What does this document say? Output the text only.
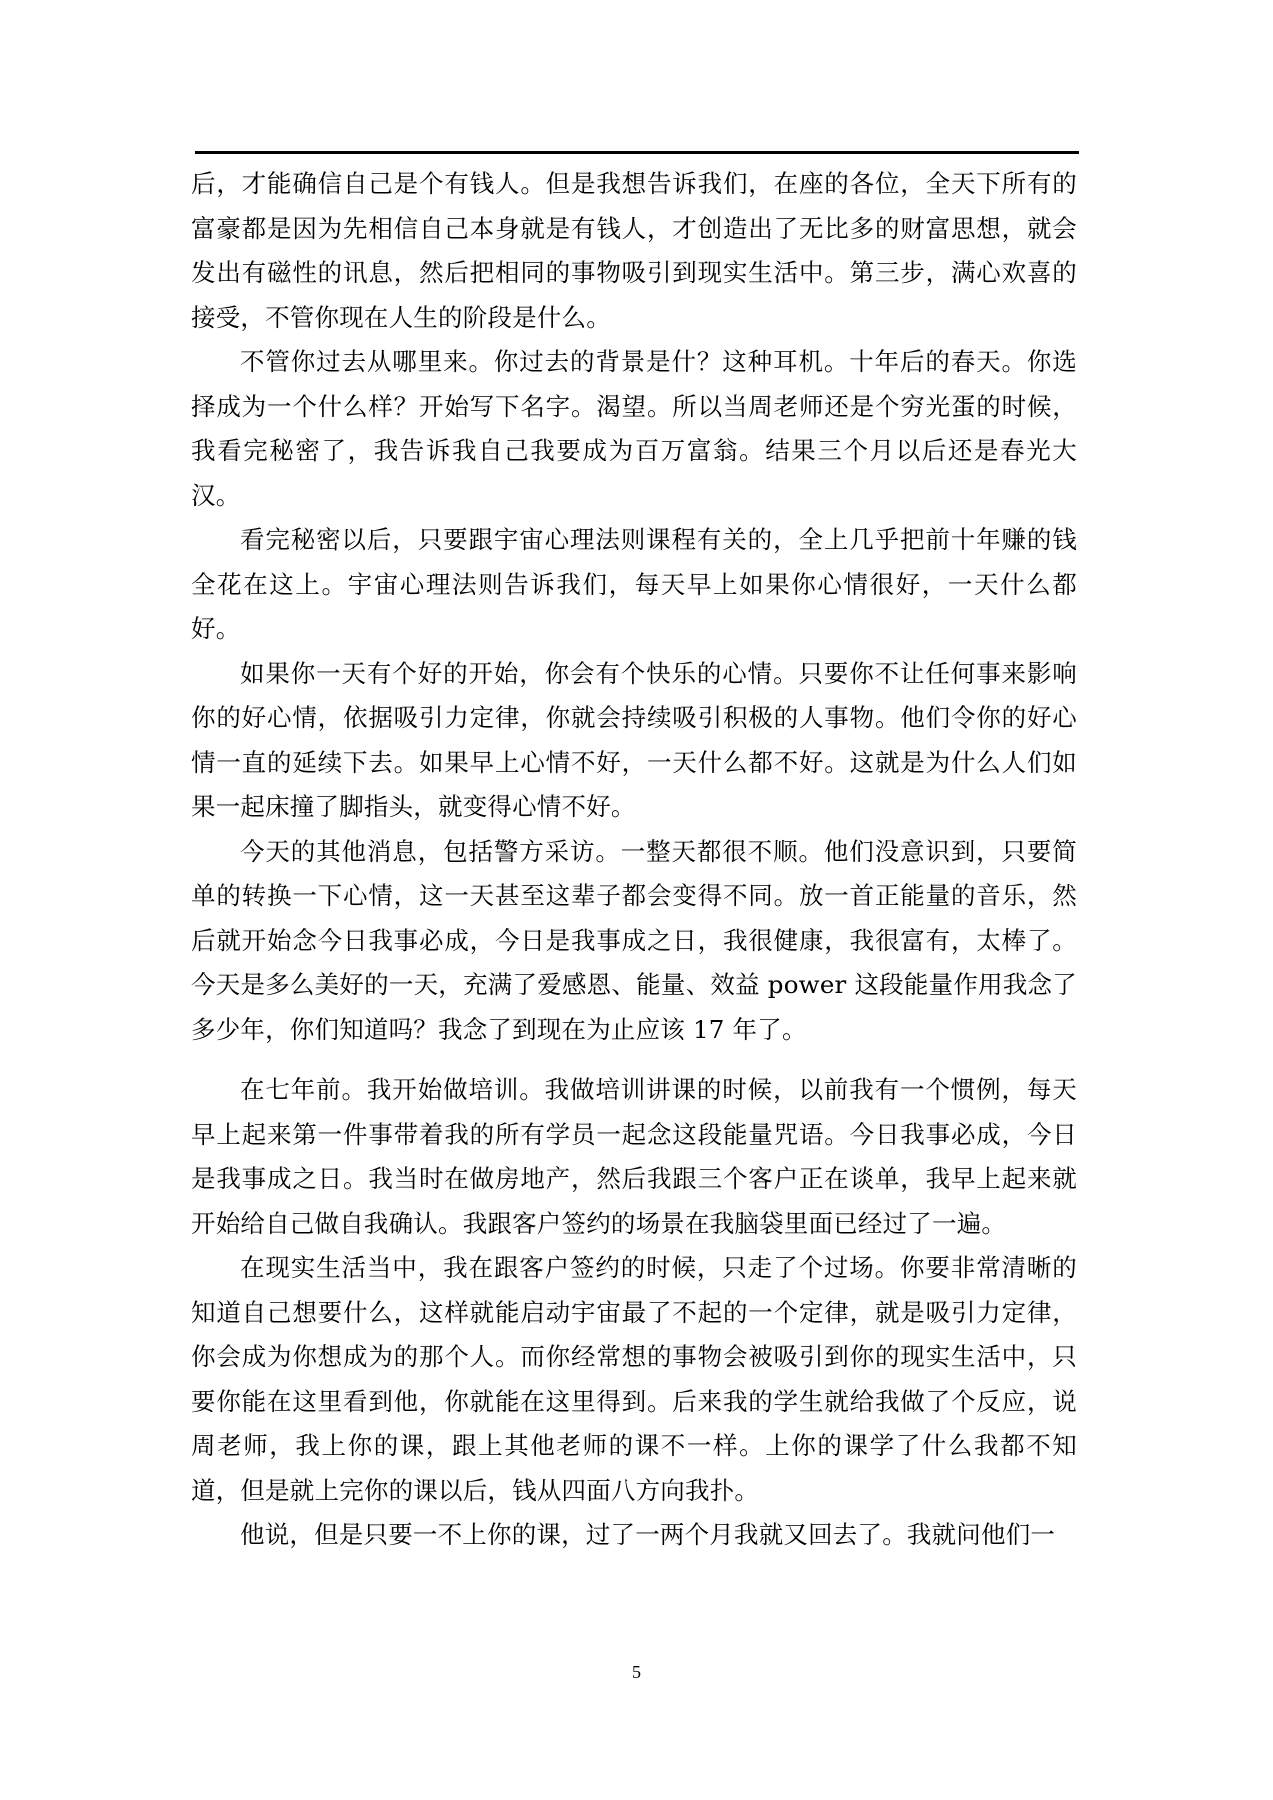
后，才能确信自己是个有钱人。但是我想告诉我们，在座的各位，全天下所有的富豪都是因为先相信自己本身就是有钱人，才创造出了无比多的财富思想，就会发出有磁性的讯息，然后把相同的事物吸引到现实生活中。第三步，满心欢喜的接受，不管你现在人生的阶段是什么。

不管你过去从哪里来。你过去的背景是什？这种耳机。十年后的春天。你选择成为一个什么样？开始写下名字。渴望。所以当周老师还是个穷光蛋的时候，我看完秘密了，我告诉我自己我要成为百万富翁。结果三个月以后还是春光大汉。

看完秘密以后，只要跟宇宙心理法则课程有关的，全上几乎把前十年赚的钱全花在这上。宇宙心理法则告诉我们，每天早上如果你心情很好，一天什么都好。

如果你一天有个好的开始，你会有个快乐的心情。只要你不让任何事来影响你的好心情，依据吸引力定律，你就会持续吸引积极的人事物。他们令你的好心情一直的延续下去。如果早上心情不好，一天什么都不好。这就是为什么人们如果一起床撞了脚指头，就变得心情不好。

今天的其他消息，包括警方采访。一整天都很不顺。他们没意识到，只要简单的转换一下心情，这一天甚至这辈子都会变得不同。放一首正能量的音乐，然后就开始念今日我事必成，今日是我事成之日，我很健康，我很富有，太棒了。今天是多么美好的一天，充满了爱感恩、能量、效益 power 这段能量作用我念了多少年，你们知道吗？我念了到现在为止应该 17 年了。

在七年前。我开始做培训。我做培训讲课的时候，以前我有一个惯例，每天早上起来第一件事带着我的所有学员一起念这段能量咒语。今日我事必成，今日是我事成之日。我当时在做房地产，然后我跟三个客户正在谈单，我早上起来就开始给自己做自我确认。我跟客户签约的场景在我脑袋里面已经过了一遍。

在现实生活当中，我在跟客户签约的时候，只走了个过场。你要非常清晰的知道自己想要什么，这样就能启动宇宙最了不起的一个定律，就是吸引力定律，你会成为你想成为的那个人。而你经常想的事物会被吸引到你的现实生活中，只要你能在这里看到他，你就能在这里得到。后来我的学生就给我做了个反应，说周老师，我上你的课，跟上其他老师的课不一样。上你的课学了什么我都不知道，但是就上完你的课以后，钱从四面八方向我扑。

他说，但是只要一不上你的课，过了一两个月我就又回去了。我就问他们一

5
